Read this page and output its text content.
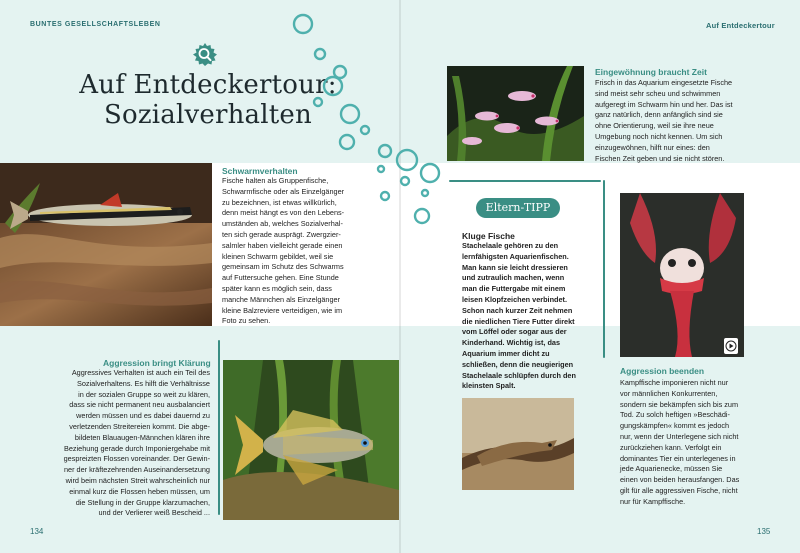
BUNTES GESELLSCHAFTSLEBEN	Auf Entdeckertour
Auf Entdeckertour:
Sozialverhalten
Schwarmverhalten
Fische halten als Gruppenfische,
Schwarmfische oder als Einzelgänger
zu bezeichnen, ist etwas willkürlich,
denn meist hängt es von den Lebens-
umständen ab, welches Sozialverhal-
ten sich gerade ausprägt. Zwergzier-
salmler haben vielleicht gerade einen
kleinen Schwarm gebildet, weil sie
gemeinsam im Schutz des Schwarms
auf Futtersuche gehen. Eine Stunde
später kann es möglich sein, dass
manche Männchen als Einzelgänger
kleine Balzreviere verteidigen, wie im
Foto zu sehen.
Aggression bringt Klärung
Aggressives Verhalten ist auch ein Teil des
Sozialverhaltens. Es hilft die Verhältnisse
in der sozialen Gruppe so weit zu klären,
dass sie nicht permanent neu ausbalanciert
werden müssen und es dabei dauernd zu
verletzenden Streitereien kommt. Die abge-
bildeten Blauaugen-Männchen klären ihre
Beziehung gerade durch Imponiergehabe mit
gespreizten Flossen voreinander. Der Gewin-
ner der kräftezehrenden Auseinandersetzung
wird beim nächsten Streit wahrscheinlich nur
einmal kurz die Flossen heben müssen, um
die Stellung in der Gruppe klarzumachen,
und der Verlierer weiß Bescheid ...
134
Eingewöhnung braucht Zeit
Frisch in das Aquarium eingesetzte Fische
sind meist sehr scheu und schwimmen
aufgeregt im Schwarm hin und her. Das ist
ganz natürlich, denn anfänglich sind sie
ohne Orientierung, weil sie ihre neue
Umgebung noch nicht kennen. Um sich
einzugewöhnen, hilft nur eines: den
Fischen Zeit geben und sie nicht stören.
Eltern-TIPP
Kluge Fische
Stachelaale gehören zu den
lernfähigsten Aquarienfischen.
Man kann sie leicht dressieren
und zutraulich machen, wenn
man die Futtergabe mit einem
leisen Klopfzeichen verbindet.
Schon nach kurzer Zeit nehmen
die niedlichen Tiere Futter direkt
vom Löffel oder sogar aus der
Kinderhand. Wichtig ist, das
Aquarium immer dicht zu
schließen, denn die neugierigen
Stachelaale schlüpfen durch den
kleinsten Spalt.
Aggression beenden
Kampffische imponieren nicht nur
vor männlichen Konkurrenten,
sondern sie bekämpfen sich bis zum
Tod. Zu solch heftigen »Beschädi-
gungskämpfen« kommt es jedoch
nur, wenn der Unterlegene sich nicht
zurückziehen kann. Verfolgt ein
dominantes Tier ein unterlegenes in
jede Aquarienecke, müssen Sie
einen von beiden herausfangen. Das
gilt für alle aggressiven Fische, nicht
nur für Kampffische.
135
